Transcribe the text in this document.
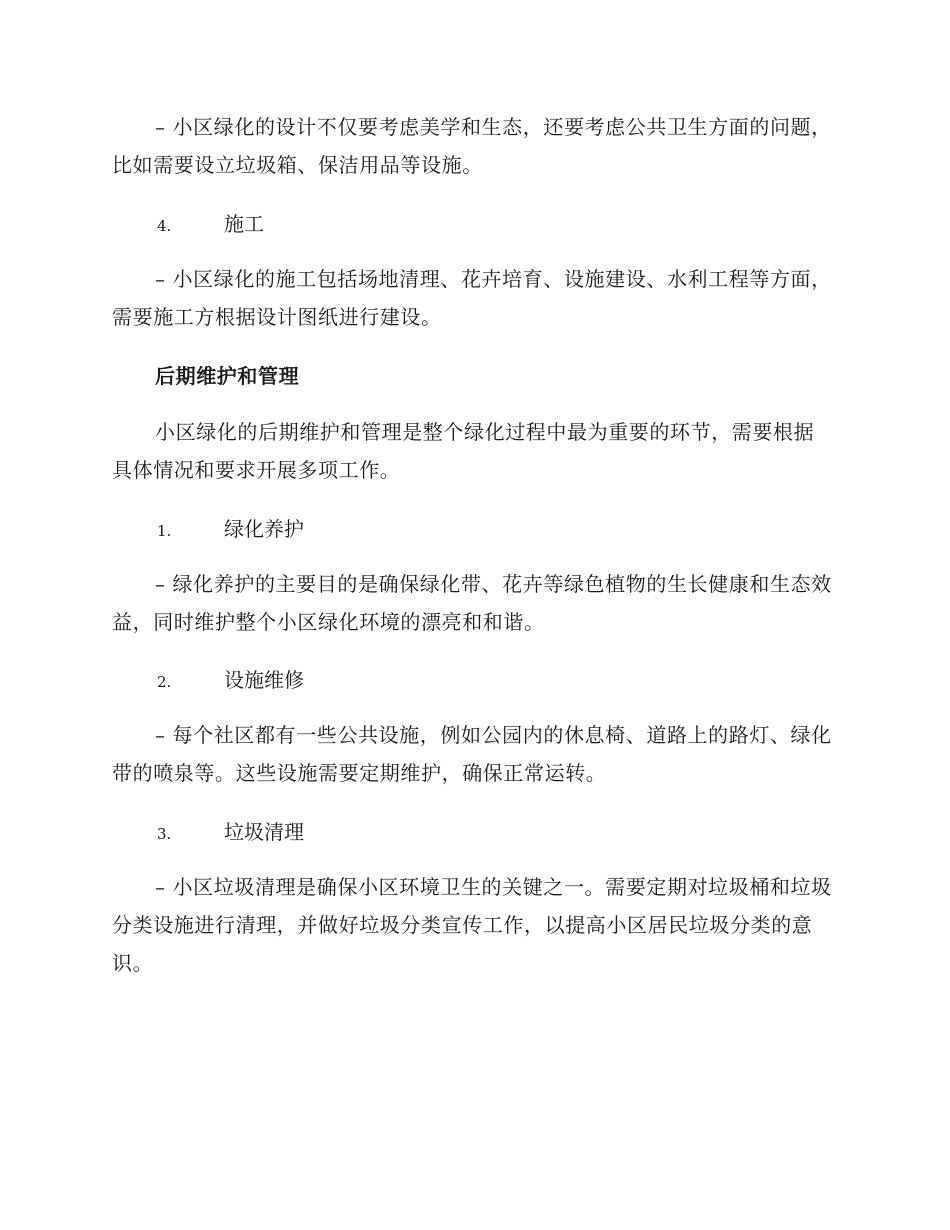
– 小区绿化的设计不仅要考虑美学和生态，还要考虑公共卫生方面的问题，比如需要设立垃圾箱、保洁用品等设施。

4.	施工

– 小区绿化的施工包括场地清理、花卉培育、设施建设、水利工程等方面，需要施工方根据设计图纸进行建设。

后期维护和管理

小区绿化的后期维护和管理是整个绿化过程中最为重要的环节，需要根据具体情况和要求开展多项工作。

1.	绿化养护

– 绿化养护的主要目的是确保绿化带、花卉等绿色植物的生长健康和生态效益，同时维护整个小区绿化环境的漂亮和和谐。

2.	设施维修

– 每个社区都有一些公共设施，例如公园内的休息椅、道路上的路灯、绿化带的喷泉等。这些设施需要定期维护，确保正常运转。

3.	垃圾清理

– 小区垃圾清理是确保小区环境卫生的关键之一。需要定期对垃圾桶和垃圾分类设施进行清理，并做好垃圾分类宣传工作，以提高小区居民垃圾分类的意识。
